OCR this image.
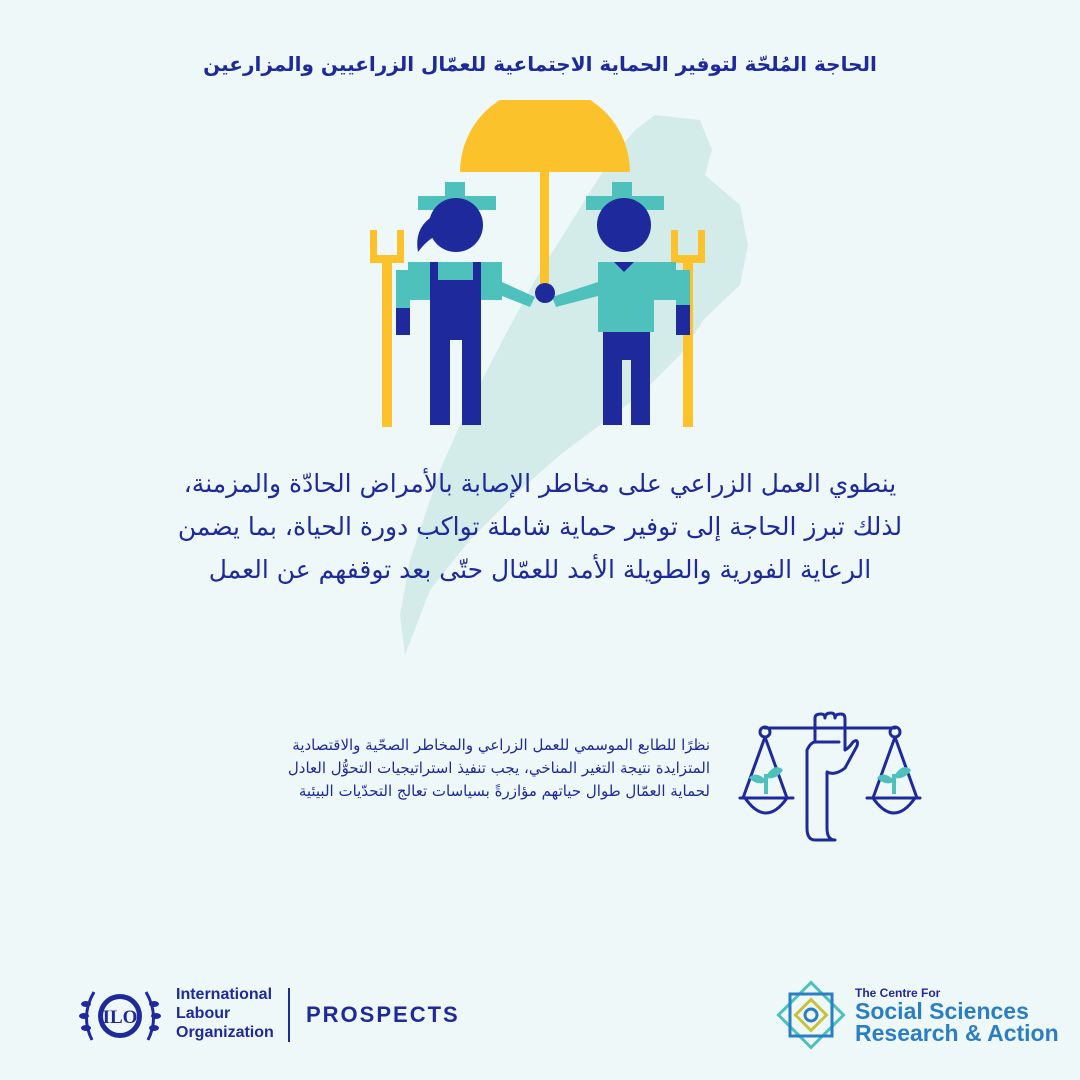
الحاجة المُلحّة لتوفير الحماية الاجتماعية للعمّال الزراعيين والمزارعين
ينطوي العمل الزراعي على مخاطر الإصابة بالأمراض الحادّة والمزمنة،
لذلك تبرز الحاجة إلى توفير حماية شاملة تواكب دورة الحياة، بما يضمن
الرعاية الفورية والطويلة الأمد للعمّال حتّى بعد توقفهم عن العمل
نظرًا للطابع الموسمي للعمل الزراعي والمخاطر الصحّية والاقتصادية
المتزايدة نتيجة التغير المناخي، يجب تنفيذ استراتيجيات التحوُّل العادل
لحماية العمّال طوال حياتهم مؤازرةً بسياسات تعالج التحدّيات البيئية
ILO
International
Labour
Organization
PROSPECTS
The Centre For
Social Sciences
Research & Action
